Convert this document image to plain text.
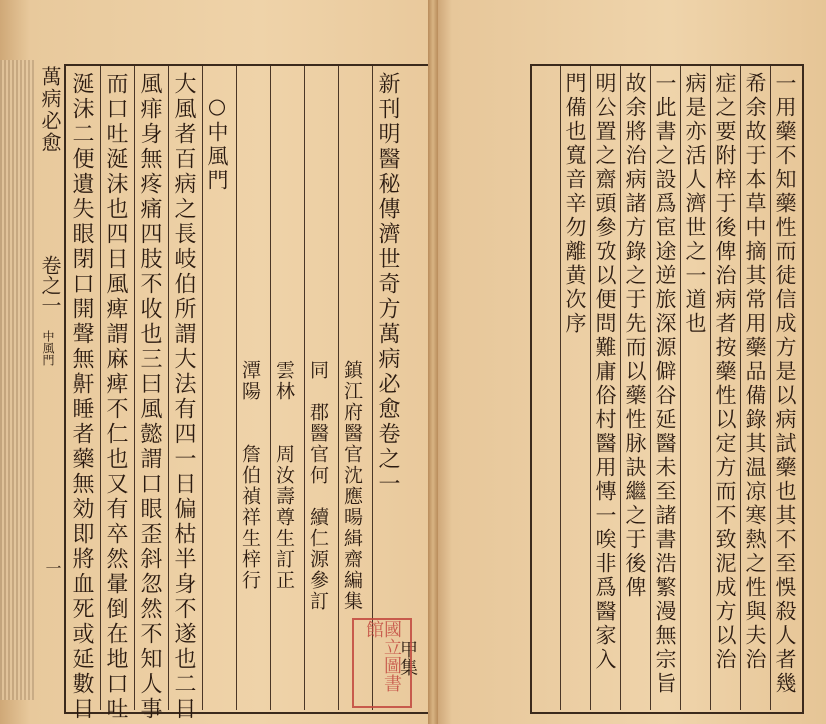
萬病必愈
卷之一
中風門
一	大風者百病之長岐伯所謂大法有四一日偏枯半身不遂也二日
風痱身無疼痛四肢不收也三曰風懿謂口眼歪斜忽然不知人事
而口吐涎沫也四日風痺謂麻痺不仁也又有卒然暈倒在地口吐
涎沫二便遺失眼閉口開聲無鼾睡者藥無効即將血死或延數日	○中風門
潭陽　　詹伯禎祥生梓行 雲林　　周汝壽尊生訂正 同　郡醫官何　續仁源參訂 鎮江府醫官沈應暘緝齋編集 新刊明醫秘傳濟世奇方萬病必愈卷之一
甲集
國立圖書館	一用藥不知藥性而徒信成方是以病試藥也其不至悞殺人者幾
希余故于本草中摘其常用藥品備錄其温凉寒熱之性與夫治
症之要附梓于後俾治病者按藥性以定方而不致泥成方以治
病是亦活人濟世之一道也
一此書之設爲宦途逆旅深源僻谷延醫未至諸書浩繁漫無宗旨
故余將治病諸方錄之于先而以藥性脉訣繼之于後俾
明公置之齋頭參攷以便問難庸俗村醫用慱一唉非爲醫家入
門備也寬音辛勿離黄次序
